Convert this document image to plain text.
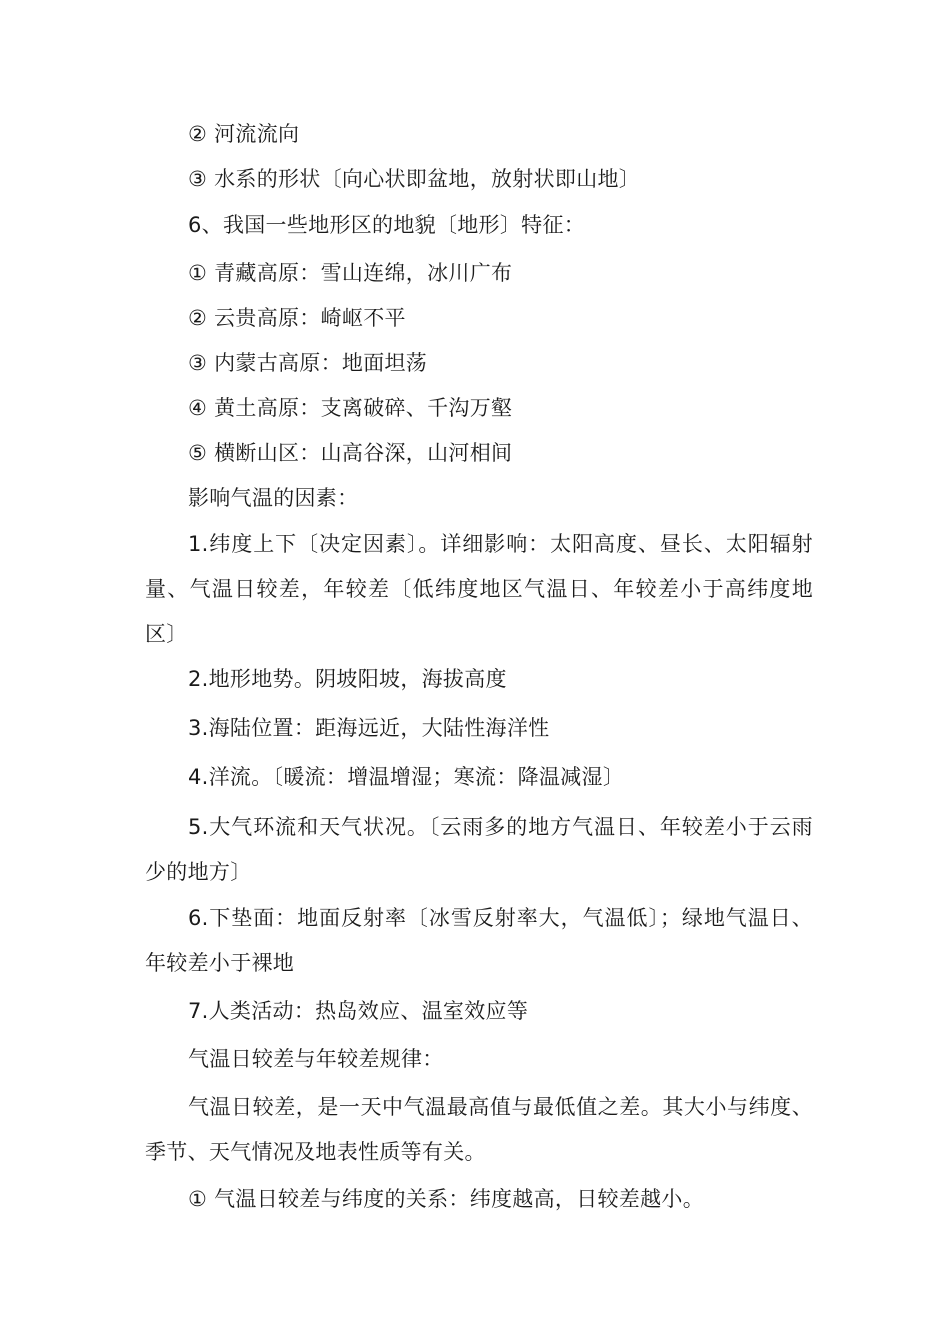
② 河流流向
③ 水系的形状〔向心状即盆地，放射状即山地〕
6、我国一些地形区的地貌〔地形〕特征：
① 青藏高原：雪山连绵，冰川广布
② 云贵高原：崎岖不平
③ 内蒙古高原：地面坦荡
④ 黄土高原：支离破碎、千沟万壑
⑤ 横断山区：山高谷深，山河相间
影响气温的因素：
1.纬度上下〔决定因素〕。详细影响：太阳高度、昼长、太阳辐射量、气温日较差，年较差〔低纬度地区气温日、年较差小于高纬度地区〕
2.地形地势。阴坡阳坡，海拔高度
3.海陆位置：距海远近，大陆性海洋性
4.洋流。〔暖流：增温增湿；寒流：降温减湿〕
5.大气环流和天气状况。〔云雨多的地方气温日、年较差小于云雨少的地方〕
6.下垫面：地面反射率〔冰雪反射率大，气温低〕；绿地气温日、年较差小于裸地
7.人类活动：热岛效应、温室效应等
气温日较差与年较差规律：
气温日较差，是一天中气温最高值与最低值之差。其大小与纬度、季节、天气情况及地表性质等有关。
① 气温日较差与纬度的关系：纬度越高，日较差越小。
